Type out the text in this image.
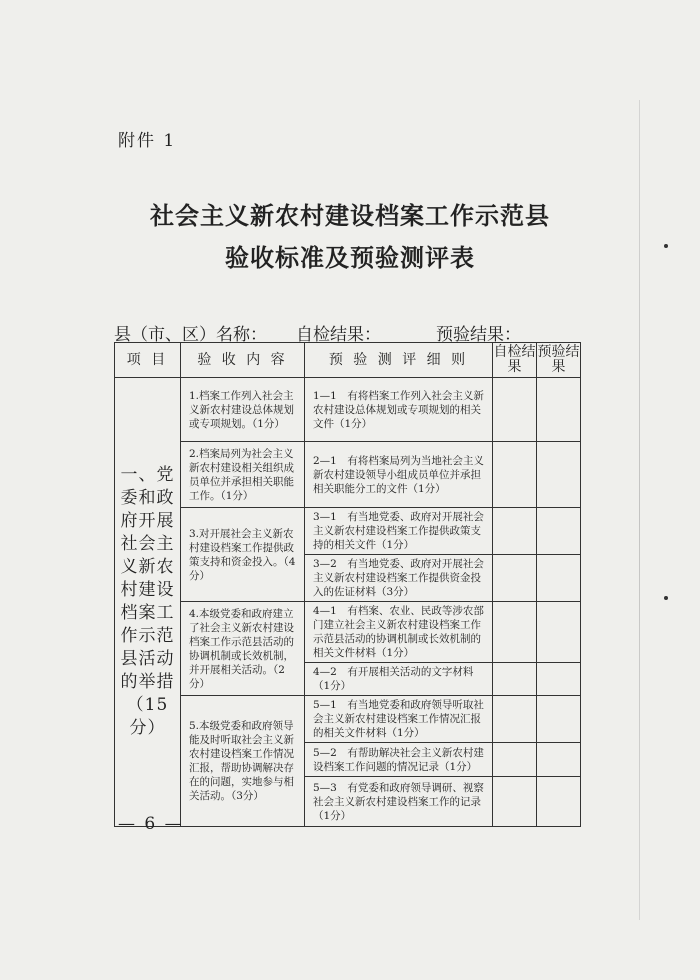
附件 1
社会主义新农村建设档案工作示范县
验收标准及预验测评表
县（市、区）名称： 自检结果：	预验结果：
项 目	验 收 内 容	预 验 测 评 细 则	自检结果	预验结果
一、党委和政府开展社会主义新农村建设档案工作示范县活动的举措（15分）	1.档案工作列入社会主义新农村建设总体规划或专项规划。（1分）	1—1　有将档案工作列入社会主义新农村建设总体规划或专项规划的相关文件（1分）		
	2.档案局列为社会主义新农村建设相关组织成员单位并承担相关职能工作。（1分）	2—1　有将档案局列为当地社会主义新农村建设领导小组成员单位并承担相关职能分工的文件（1分）		
	3.对开展社会主义新农村建设档案工作提供政策支持和资金投入。（4分）	3—1　有当地党委、政府对开展社会主义新农村建设档案工作提供政策支持的相关文件（1分）		
		3—2　有当地党委、政府对开展社会主义新农村建设档案工作提供资金投入的佐证材料（3分）		
	4.本级党委和政府建立了社会主义新农村建设档案工作示范县活动的协调机制或长效机制，并开展相关活动。（2分）	4—1　有档案、农业、民政等涉农部门建立社会主义新农村建设档案工作示范县活动的协调机制或长效机制的相关文件材料（1分）		
		4—2　有开展相关活动的文字材料（1分）		
	5.本级党委和政府领导能及时听取社会主义新农村建设档案工作情况汇报，帮助协调解决存在的问题，实地参与相关活动。（3分）	5—1　有当地党委和政府领导听取社会主义新农村建设档案工作情况汇报的相关文件材料（1分）		
		5—2　有帮助解决社会主义新农村建设档案工作问题的情况记录（1分）		
		5—3　有党委和政府领导调研、视察社会主义新农村建设档案工作的记录（1分）		
— 6 —
